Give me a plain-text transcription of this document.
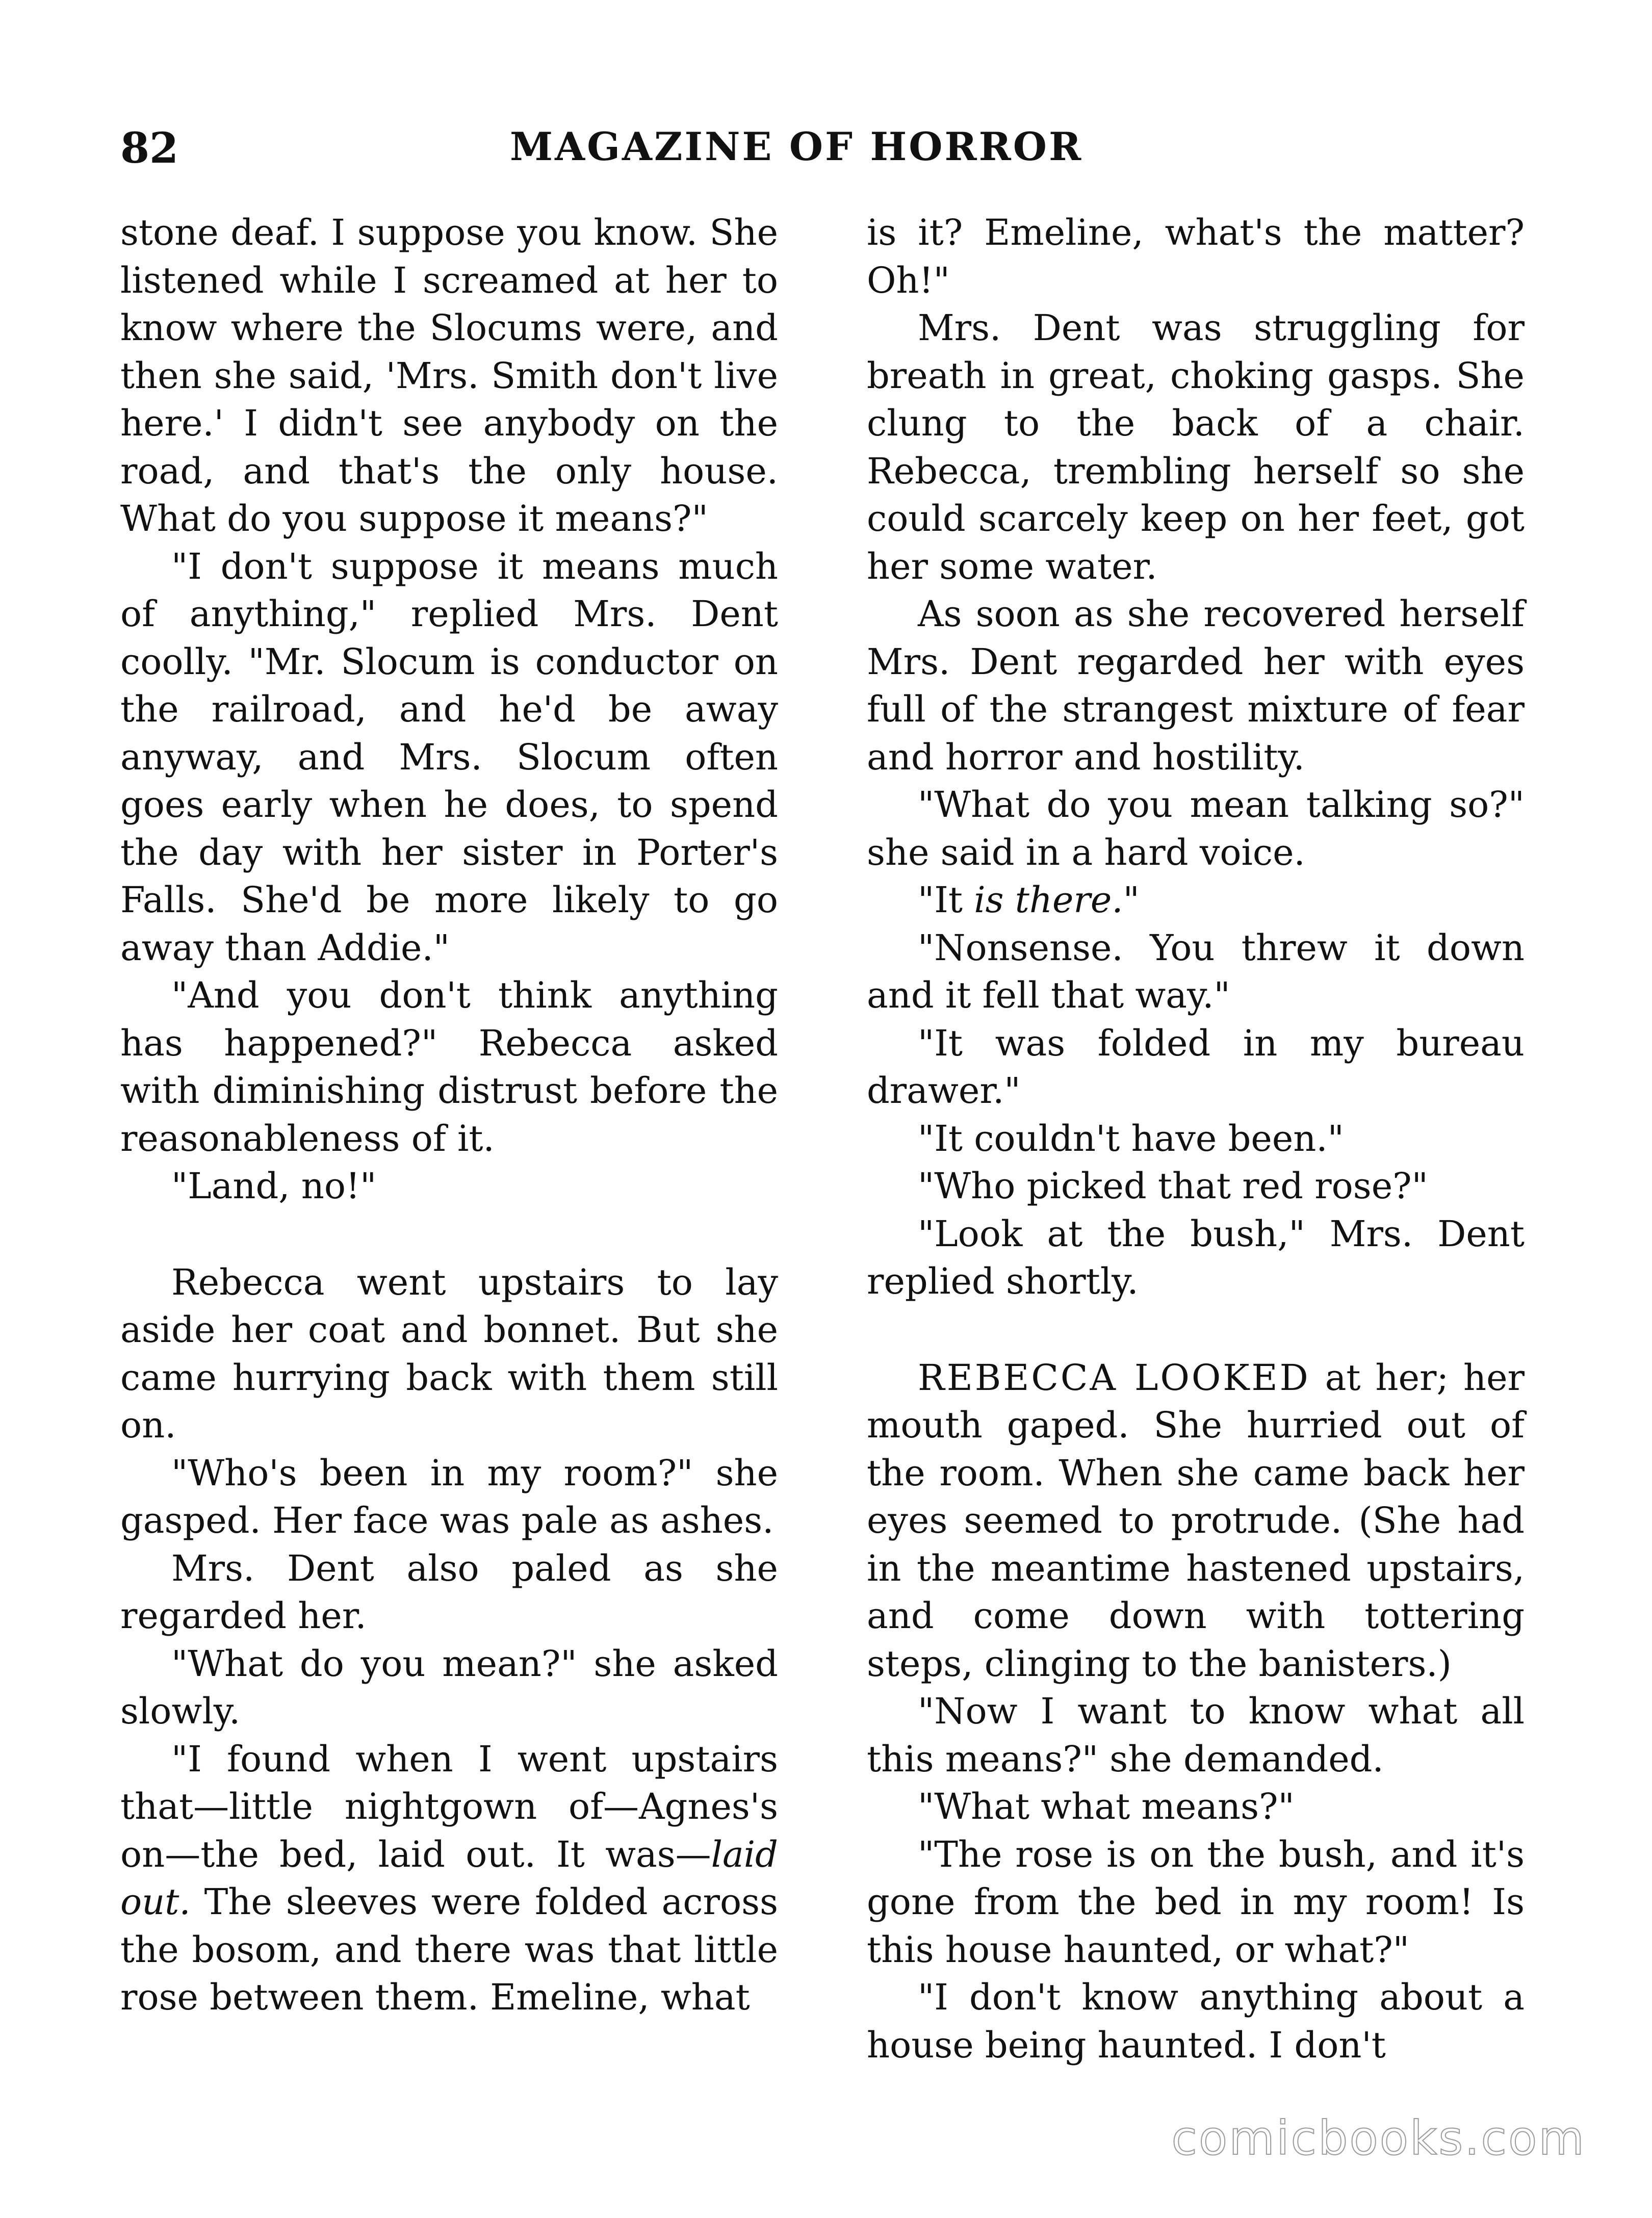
82	MAGAZINE OF HORROR

stone deaf. I suppose you know. She listened while I screamed at her to know where the Slocums were, and then she said, 'Mrs. Smith don't live here.' I didn't see anybody on the road, and that's the only house. What do you suppose it means?"

"I don't suppose it means much of anything," replied Mrs. Dent coolly. "Mr. Slocum is conductor on the railroad, and he'd be away anyway, and Mrs. Slocum often goes early when he does, to spend the day with her sister in Porter's Falls. She'd be more likely to go away than Addie."

"And you don't think anything has happened?" Rebecca asked with diminishing distrust before the reasonableness of it.

"Land, no!"

Rebecca went upstairs to lay aside her coat and bonnet. But she came hurrying back with them still on.

"Who's been in my room?" she gasped. Her face was pale as ashes.

Mrs. Dent also paled as she regarded her.

"What do you mean?" she asked slowly.

"I found when I went upstairs that—little nightgown of—Agnes's on—the bed, laid out. It was—laid out. The sleeves were folded across the bosom, and there was that little rose between them. Emeline, what

is it? Emeline, what's the matter? Oh!"

Mrs. Dent was struggling for breath in great, choking gasps. She clung to the back of a chair. Rebecca, trembling herself so she could scarcely keep on her feet, got her some water.

As soon as she recovered herself Mrs. Dent regarded her with eyes full of the strangest mixture of fear and horror and hostility.

"What do you mean talking so?" she said in a hard voice.

"It is there."

"Nonsense. You threw it down and it fell that way."

"It was folded in my bureau drawer."

"It couldn't have been."

"Who picked that red rose?"

"Look at the bush," Mrs. Dent replied shortly.

REBECCA LOOKED at her; her mouth gaped. She hurried out of the room. When she came back her eyes seemed to protrude. (She had in the meantime hastened upstairs, and come down with tottering steps, clinging to the banisters.)

"Now I want to know what all this means?" she demanded.

"What what means?"

"The rose is on the bush, and it's gone from the bed in my room! Is this house haunted, or what?"

"I don't know anything about a house being haunted. I don't

comicbooks.com
